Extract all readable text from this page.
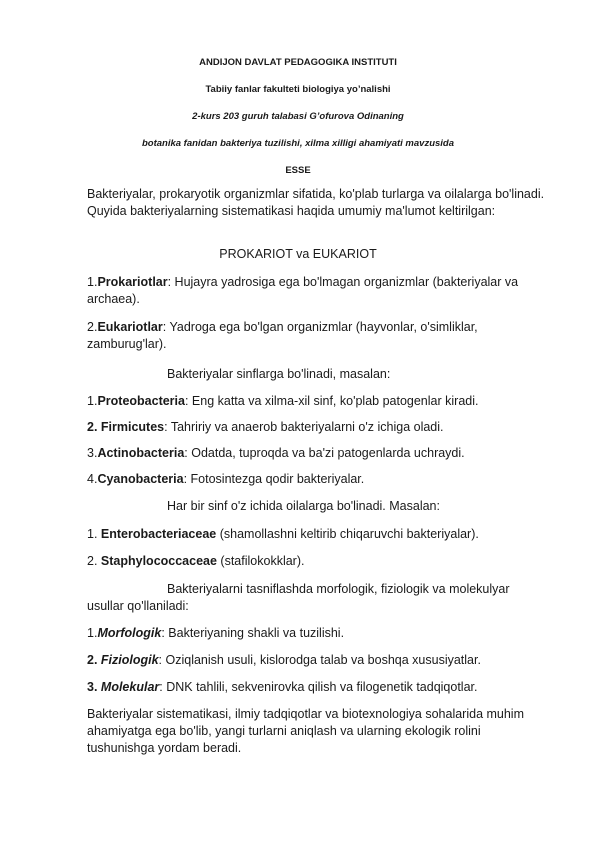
ANDIJON DAVLAT PEDAGOGIKA INSTITUTI
Tabiiy fanlar fakulteti biologiya yo’nalishi
2-kurs 203 guruh talabasi G’ofurova Odinaning
botanika fanidan bakteriya tuzilishi, xilma xilligi ahamiyati mavzusida
ESSE
Bakteriyalar, prokaryotik organizmlar sifatida, ko'plab turlarga va oilalarga bo'linadi. Quyida bakteriyalarning sistematikasi haqida umumiy ma'lumot keltirilgan:
PROKARIOT va EUKARIOT
1.Prokariotlar: Hujayra yadrosiga ega bo'lmagan organizmlar (bakteriyalar va archaea).
2.Eukariotlar: Yadroga ega bo'lgan organizmlar (hayvonlar, o'simliklar, zamburug'lar).
Bakteriyalar sinflarga bo'linadi, masalan:
1.Proteobacteria: Eng katta va xilma-xil sinf, ko'plab patogenlar kiradi.
2. Firmicutes: Tahririy va anaerob bakteriyalarni o'z ichiga oladi.
3.Actinobacteria: Odatda, tuproqda va ba'zi patogenlarda uchraydi.
4.Cyanobacteria: Fotosintezga qodir bakteriyalar.
Har bir sinf o'z ichida oilalarga bo'linadi. Masalan:
1. Enterobacteriaceae (shamollashni keltirib chiqaruvchi bakteriyalar).
2. Staphylococcaceae (stafilokokklar).
Bakteriyalarni tasniflashda morfologik, fiziologik va molekulyar usullar qo'llaniladi:
1.Morfologik: Bakteriyaning shakli va tuzilishi.
2. Fiziologik: Oziqlanish usuli, kislorodga talab va boshqa xususiyatlar.
3. Molekular: DNK tahlili, sekvenirovka qilish va filogenetik tadqiqotlar.
Bakteriyalar sistematikasi, ilmiy tadqiqotlar va biotexnologiya sohalarida muhim ahamiyatga ega bo'lib, yangi turlarni aniqlash va ularning ekologik rolini tushunishga yordam beradi.
